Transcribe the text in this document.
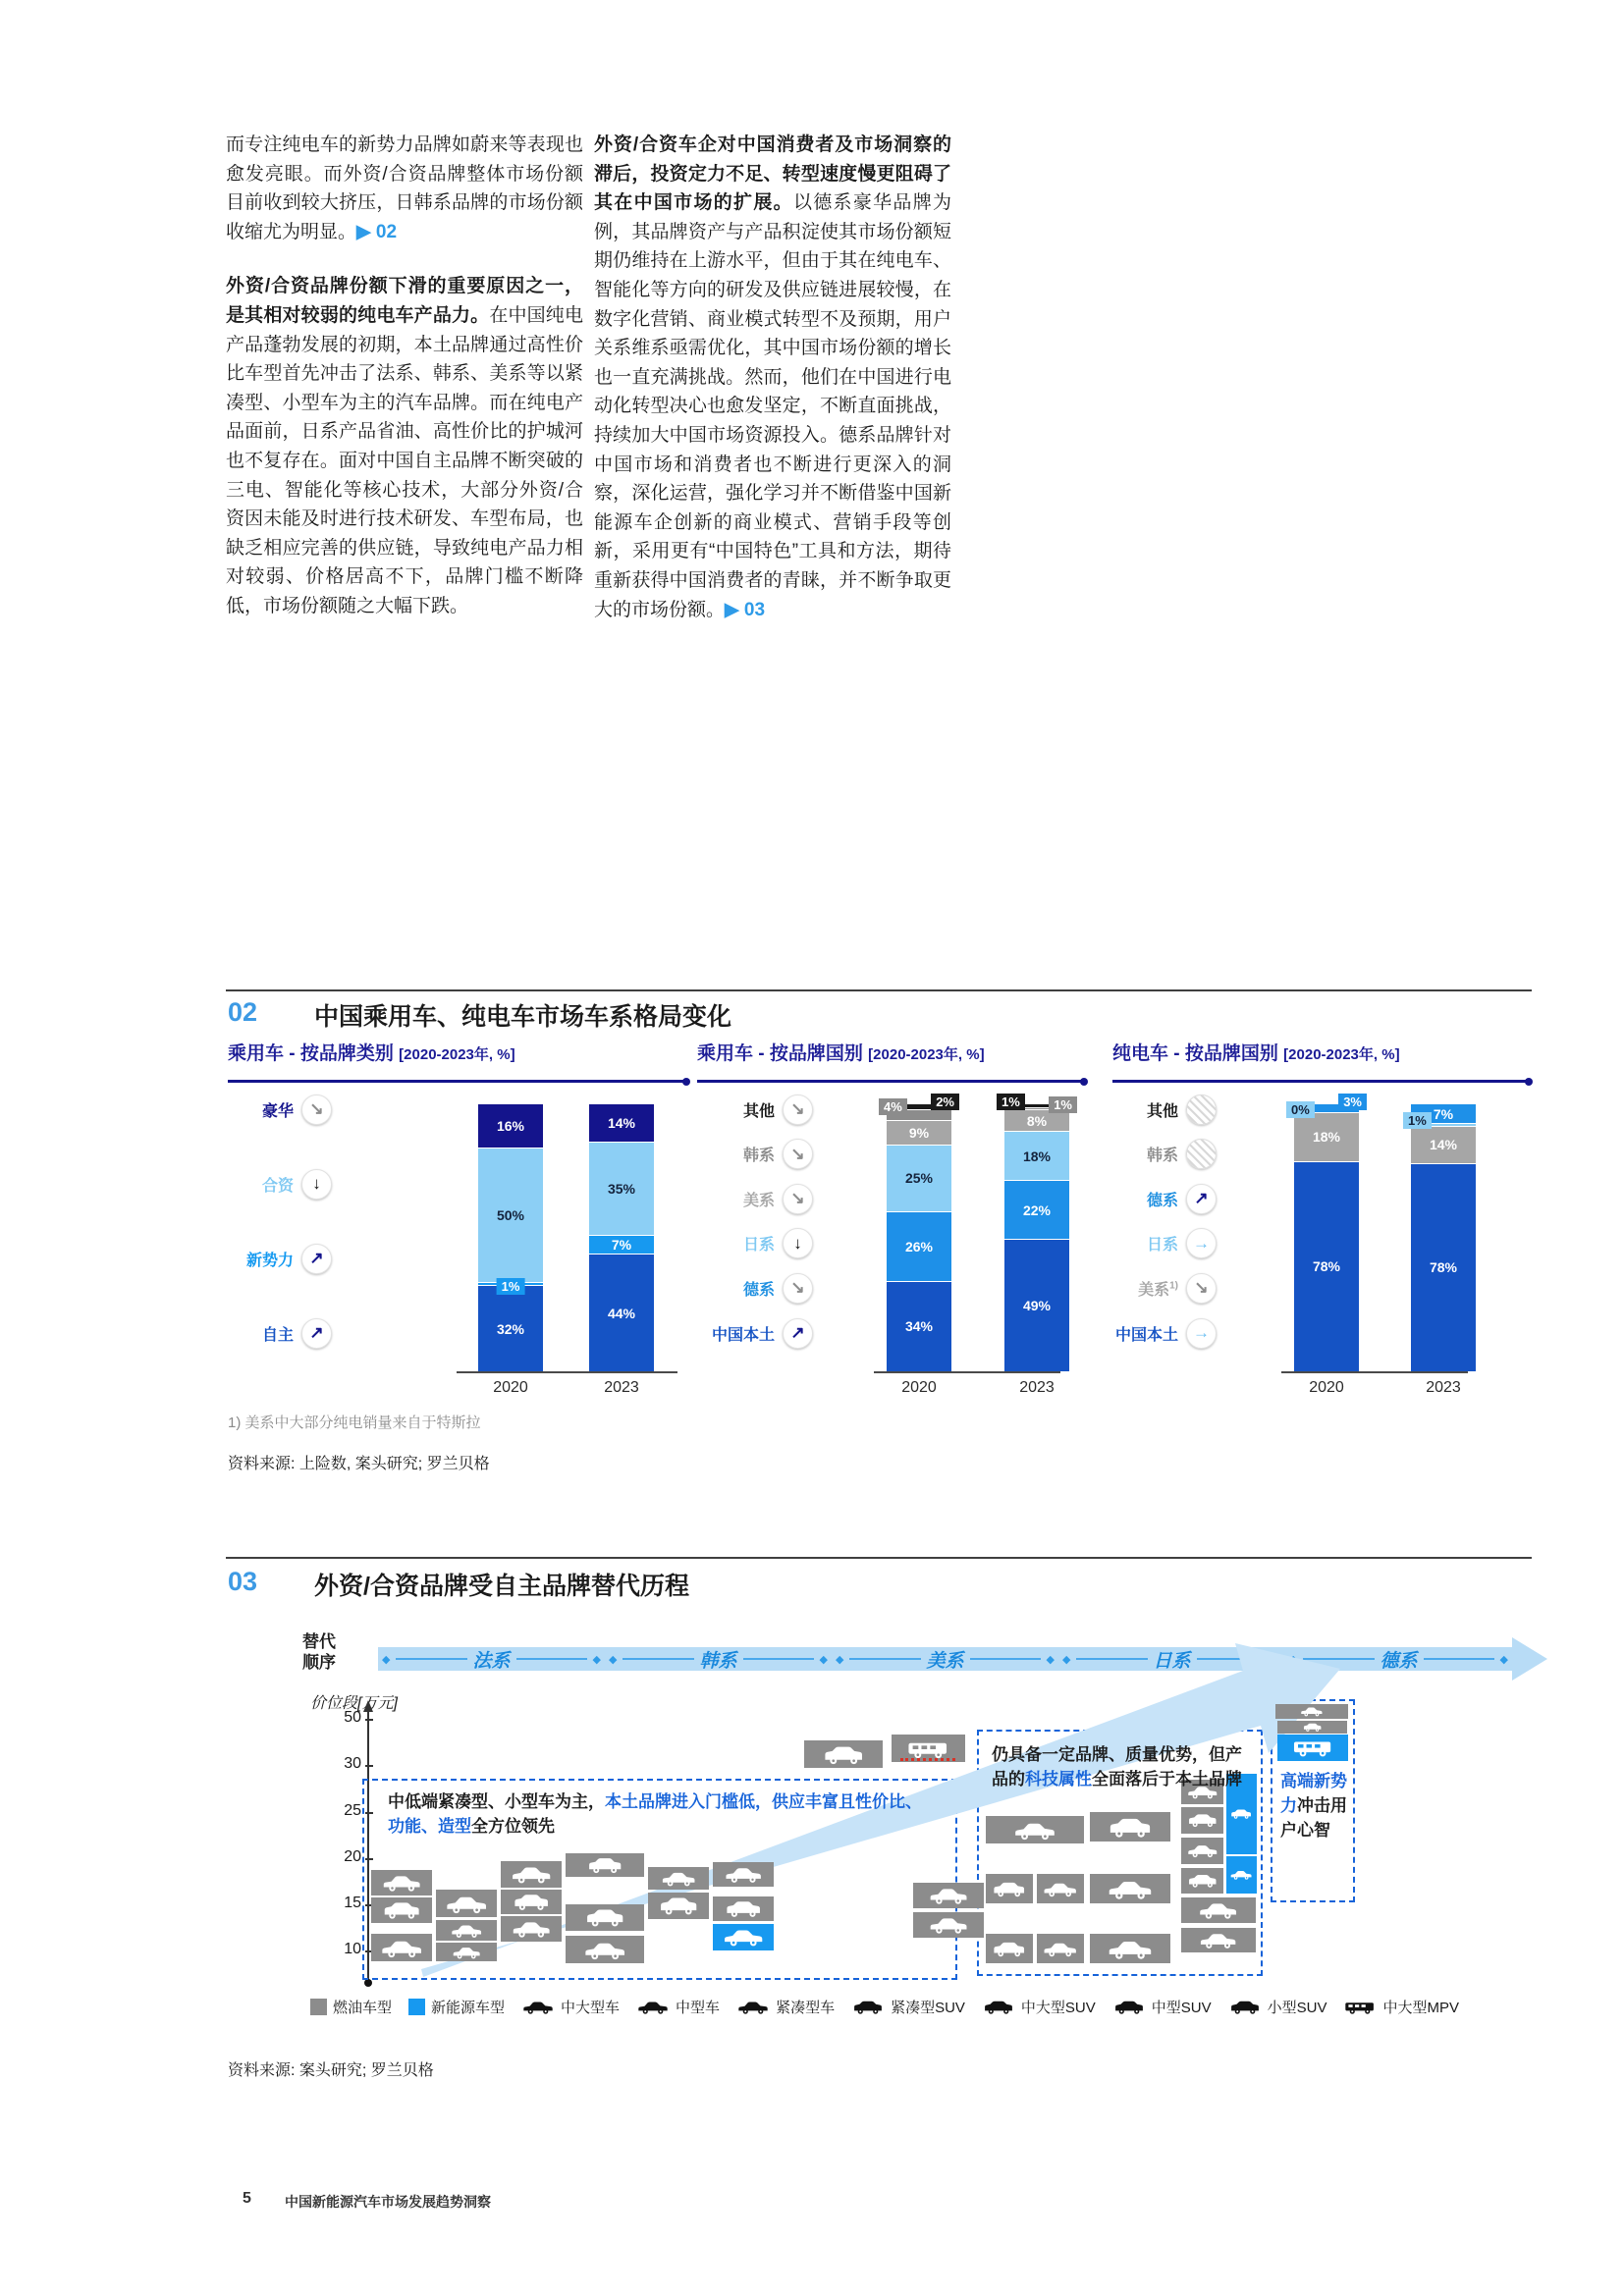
而专注纯电车的新势力品牌如蔚来等表现也愈发亮眼。而外资/合资品牌整体市场份额目前收到较大挤压，日韩系品牌的市场份额收缩尤为明显。▶ 02

外资/合资品牌份额下滑的重要原因之一，是其相对较弱的纯电车产品力。在中国纯电产品蓬勃发展的初期，本土品牌通过高性价比车型首先冲击了法系、韩系、美系等以紧凑型、小型车为主的汽车品牌。而在纯电产品面前，日系产品省油、高性价比的护城河也不复存在。面对中国自主品牌不断突破的三电、智能化等核心技术，大部分外资/合资因未能及时进行技术研发、车型布局，也缺乏相应完善的供应链，导致纯电产品力相对较弱、价格居高不下，品牌门槛不断降低，市场份额随之大幅下跌。

外资/合资车企对中国消费者及市场洞察的滞后，投资定力不足、转型速度慢更阻碍了其在中国市场的扩展。以德系豪华品牌为例，其品牌资产与产品积淀使其市场份额短期仍维持在上游水平，但由于其在纯电车、智能化等方向的研发及供应链进展较慢，在数字化营销、商业模式转型不及预期，用户关系维系亟需优化，其中国市场份额的增长也一直充满挑战。然而，他们在中国进行电动化转型决心也愈发坚定，不断直面挑战，持续加大中国市场资源投入。德系品牌针对中国市场和消费者也不断进行更深入的洞察，深化运营，强化学习并不断借鉴中国新能源车企创新的商业模式、营销手段等创新，采用更有“中国特色”工具和方法，期待重新获得中国消费者的青睐，并不断争取更大的市场份额。▶ 03

02 中国乘用车、纯电车市场车系格局变化
乘用车 - 按品牌类别 [2020-2023年, %]
豪华 ↘
合资	↓
新势力 ↗
自主 ↗
16%
50%
1%
32%
2020
14%
35%
7%
44%
2023
乘用车 - 按品牌国别 [2020-2023年, %]
其他 ↘
韩系 ↘
美系 ↘
日系	↓
德系 ↘
中国本土 ↗
2%
4%
9%
25%
26%
34%
2020
1%	1%
8%
18%
22%
49%
2023
纯电车 - 按品牌国别 [2020-2023年, %]
其他
韩系
德系 ↗
日系 →
美系$^{1)}$ ↘
中国本土 →
3%
0%
18%
78%
2020
7%
1%
14%
78%
2023
1) 美系中大部分纯电销量来自于特斯拉
资料来源: 上险数, 案头研究; 罗兰贝格
03 外资/合资品牌受自主品牌替代历程
替代顺序	◆	法系	◆ ◆	韩系	◆ ◆	美系	◆ ◆	日系	德系	◆
价位段[万元]
50
30
25
20
15
10
中低端紧凑型、小型车为主，本土品牌进入门槛低，供应丰富且性价比、功能、造型全方位领先
仍具备一定品牌、质量优势，但产品的科技属性全面落后于本土品牌	高端新势力冲击用户心智
燃油车型	新能源车型	中大型车	中型车	紧凑型车	紧凑型SUV	中大型SUV	中型SUV	小型SUV	中大型MPV
资料来源: 案头研究; 罗兰贝格
5 中国新能源汽车市场发展趋势洞察
